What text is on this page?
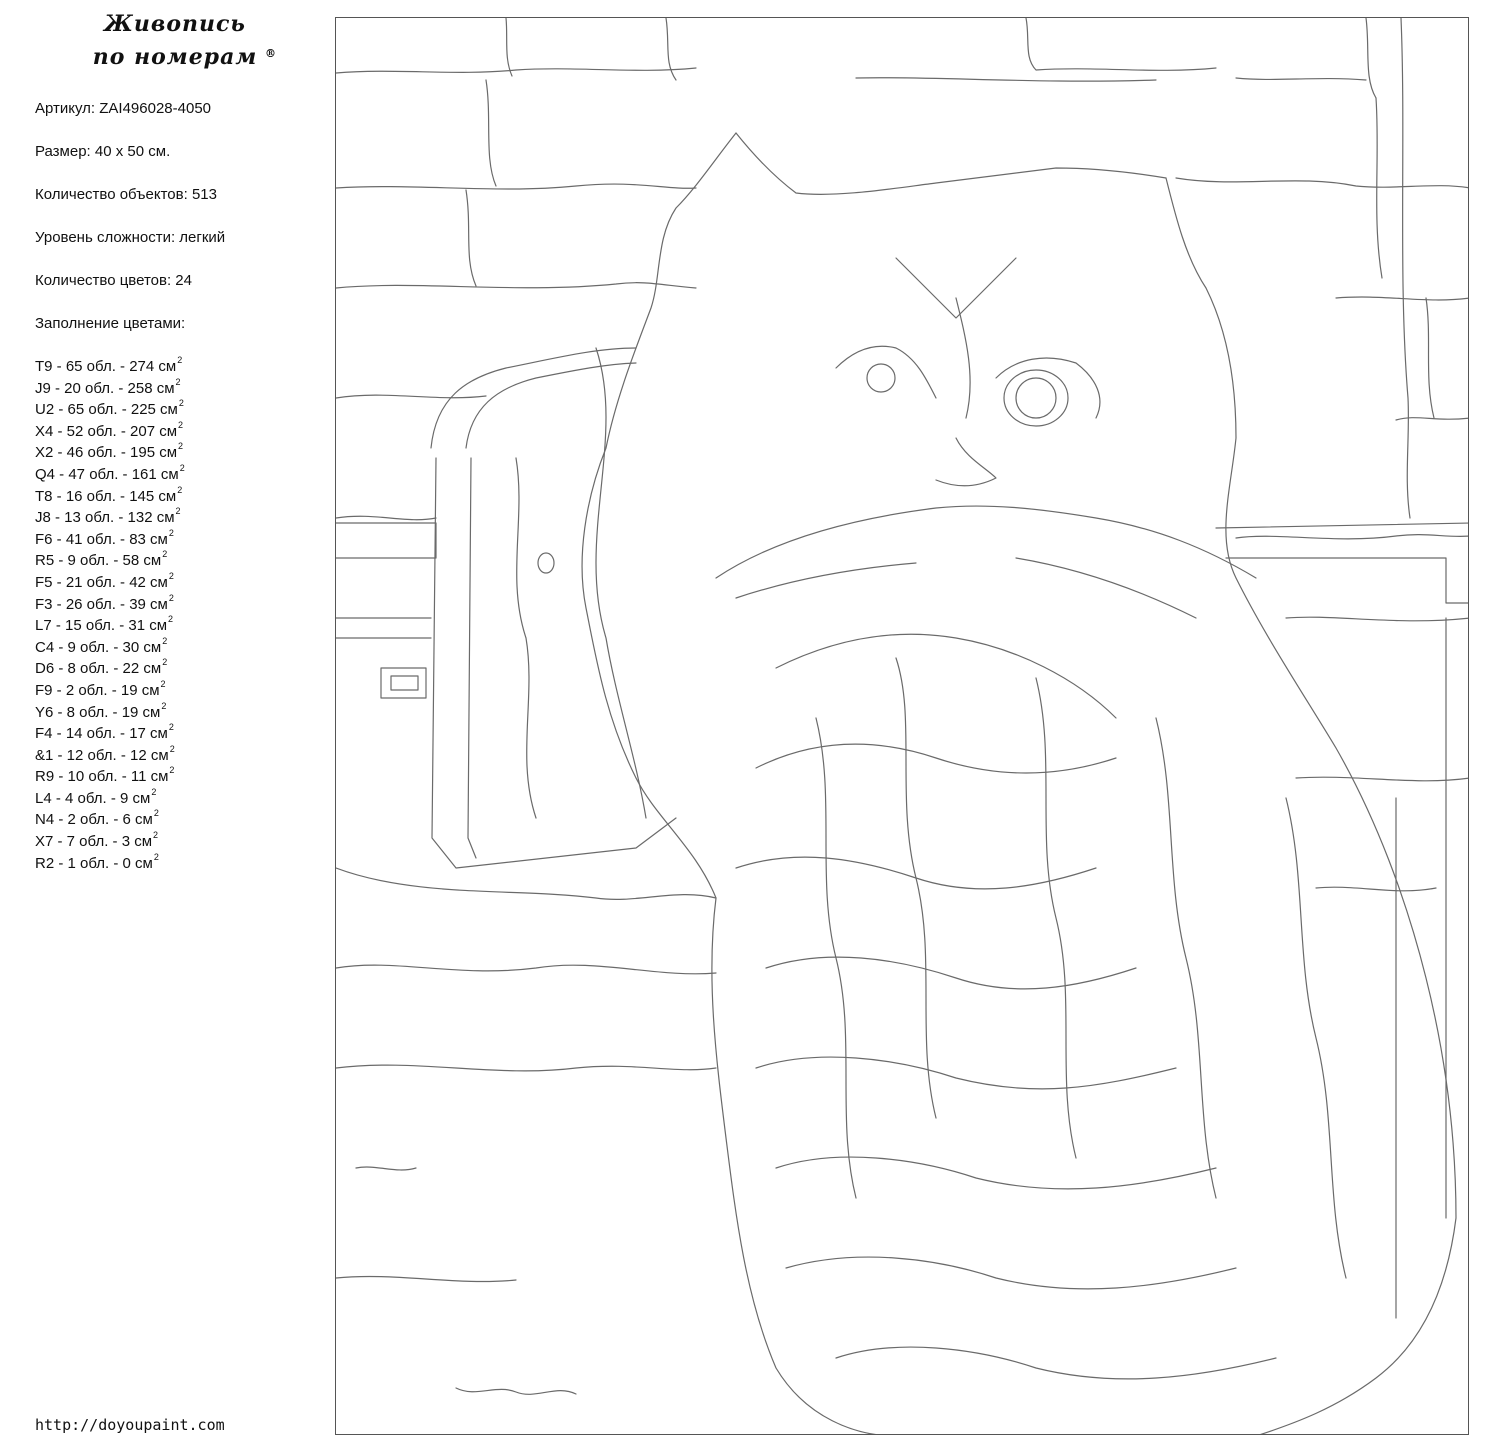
Живопись
по номерам ®
Артикул: ZAI496028-4050
Размер: 40 х 50 см.
Количество объектов: 513
Уровень сложности: легкий
Количество цветов: 24
Заполнение цветами:
T9 - 65 обл. - 274 $см^2$
J9 - 20 обл. - 258 $см^2$
U2 - 65 обл. - 225 $см^2$
X4 - 52 обл. - 207 $см^2$
X2 - 46 обл. - 195 $см^2$
Q4 - 47 обл. - 161 $см^2$
T8 - 16 обл. - 145 $см^2$
J8 - 13 обл. - 132 $см^2$
F6 - 41 обл. - 83 $см^2$
R5 - 9 обл. - 58 $см^2$
F5 - 21 обл. - 42 $см^2$
F3 - 26 обл. - 39 $см^2$
L7 - 15 обл. - 31 $см^2$
C4 - 9 обл. - 30 $см^2$
D6 - 8 обл. - 22 $см^2$
F9 - 2 обл. - 19 $см^2$
Y6 - 8 обл. - 19 $см^2$
F4 - 14 обл. - 17 $см^2$
&1 - 12 обл. - 12 $см^2$
R9 - 10 обл. - 11 $см^2$
L4 - 4 обл. - 9 $см^2$
N4 - 2 обл. - 6 $см^2$
X7 - 7 обл. - 3 $см^2$
R2 - 1 обл. - 0 $см^2$
http://doyoupaint.com
